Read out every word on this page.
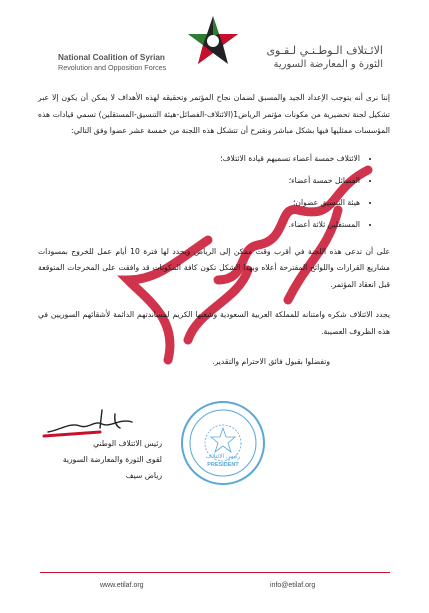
National Coalition of Syrian
Revolution and Opposition Forces
الائـتلاف الـوطـنـي لـقـوى
الثورة و المعارضة السورية

إننا نرى أنه يتوجب الإعداد الجيد والمسبق لضمان نجاح المؤتمر وتحقيقه لهذه الأهداف لا يمكن أن يكون إلا عبر تشكيل لجنة تحضيرية من مكونات مؤتمر الرياض1(الائتلاف-الفصائل-هيئة التنسيق-المستقلين) تسمي قيادات هذه المؤسسات ممثليها فيها بشكل مباشر ونقترح أن تتشكل هذه اللجنة من خمسة عشر عضوا وفق التالي:

• الائتلاف خمسة أعضاء تسميهم قيادة الائتلاف؛
• الفصائل خمسة أعضاء؛
• هيئة التنسيق عضوان؛
• المستقلين ثلاثة أعضاء.

على أن تدعى هذه اللجنة في أقرب وقت ممكن إلى الرياض ويحدد لها فترة 10 أيام عمل للخروج بمسودات مشاريع القرارات واللوائح المقترحة أعلاه وبهذا الشكل تكون كافة المكونات قد وافقت على المخرجات المتوقعة قبل انعقاد المؤتمر.

يجدد الائتلاف شكره وامتنانه للمملكة العربية السعودية وشعبها الكريم لمساندتهم الدائمة لأشقائهم السوريين في هذه الظروف العصيبة.

وتفضلوا بقبول فائق الاحترام والتقدير.

رئيس الائتلاف
PRESIDENT
رئيس الائتلاف الوطني
لقوى الثورة والمعارضة السورية
رياض سيف
www.etilaf.org	info@etilaf.org
